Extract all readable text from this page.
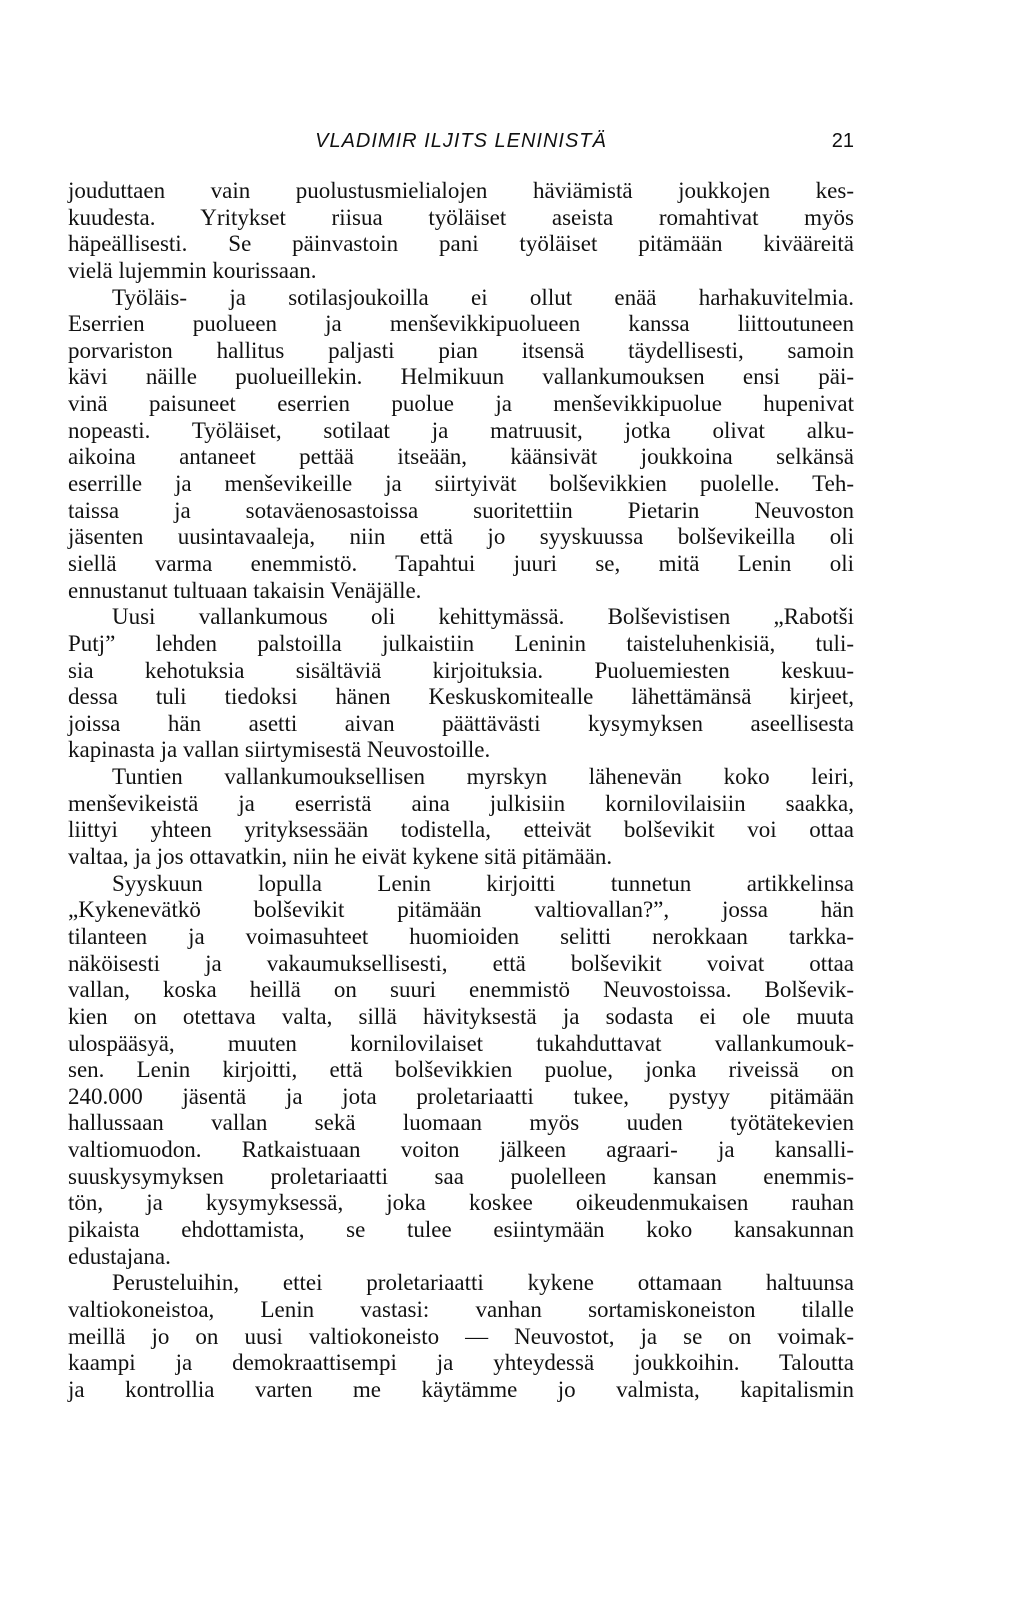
VLADIMIR ILJITS LENINISTÄ	21
jouduttaen vain puolustusmielialojen häviämistä joukkojen kes-
kuudesta. Yritykset riisua työläiset aseista romahtivat myös
häpeällisesti. Se päinvastoin pani työläiset pitämään kivääreitä
vielä lujemmin kourissaan.
Työläis- ja sotilasjoukoilla ei ollut enää harhakuvitelmia.
Eserrien puolueen ja menševikkipuolueen kanssa liittoutuneen
porvariston hallitus paljasti pian itsensä täydellisesti, samoin
kävi näille puolueillekin. Helmikuun vallankumouksen ensi päi-
vinä paisuneet eserrien puolue ja menševikkipuolue hupenivat
nopeasti. Työläiset, sotilaat ja matruusit, jotka olivat alku-
aikoina antaneet pettää itseään, käänsivät joukkoina selkänsä
eserrille ja menševikeille ja siirtyivät bolševikkien puolelle. Teh-
taissa ja sotaväenosastoissa suoritettiin Pietarin Neuvoston
jäsenten uusintavaaleja, niin että jo syyskuussa bolševikeilla oli
siellä varma enemmistö. Tapahtui juuri se, mitä Lenin oli
ennustanut tultuaan takaisin Venäjälle.
Uusi vallankumous oli kehittymässä. Bolševistisen „Rabotši
Putj” lehden palstoilla julkaistiin Leninin taisteluhenkisiä, tuli-
sia kehotuksia sisältäviä kirjoituksia. Puoluemiesten keskuu-
dessa tuli tiedoksi hänen Keskuskomitealle lähettämänsä kirjeet,
joissa hän asetti aivan päättävästi kysymyksen aseellisesta
kapinasta ja vallan siirtymisestä Neuvostoille.
Tuntien vallankumouksellisen myrskyn lähenevän koko leiri,
menševikeistä ja eserristä aina julkisiin kornilovilaisiin saakka,
liittyi yhteen yrityksessään todistella, etteivät bolševikit voi ottaa
valtaa, ja jos ottavatkin, niin he eivät kykene sitä pitämään.
Syyskuun lopulla Lenin kirjoitti tunnetun artikkelinsa
„Kykenevätkö bolševikit pitämään valtiovallan?”, jossa hän
tilanteen ja voimasuhteet huomioiden selitti nerokkaan tarkka-
näköisesti ja vakaumuksellisesti, että bolševikit voivat ottaa
vallan, koska heillä on suuri enemmistö Neuvostoissa. Bolševik-
kien on otettava valta, sillä hävityksestä ja sodasta ei ole muuta
ulospääsyä, muuten kornilovilaiset tukahduttavat vallankumouk-
sen. Lenin kirjoitti, että bolševikkien puolue, jonka riveissä on
240.000 jäsentä ja jota proletariaatti tukee, pystyy pitämään
hallussaan vallan sekä luomaan myös uuden työtätekevien
valtiomuodon. Ratkaistuaan voiton jälkeen agraari- ja kansalli-
suuskysymyksen proletariaatti saa puolelleen kansan enemmis-
tön, ja kysymyksessä, joka koskee oikeudenmukaisen rauhan
pikaista ehdottamista, se tulee esiintymään koko kansakunnan
edustajana.
Perusteluihin, ettei proletariaatti kykene ottamaan haltuunsa
valtiokoneistoa, Lenin vastasi: vanhan sortamiskoneiston tilalle
meillä jo on uusi valtiokoneisto — Neuvostot, ja se on voimak-
kaampi ja demokraattisempi ja yhteydessä joukkoihin. Taloutta
ja kontrollia varten me käytämme jo valmista, kapitalismin
